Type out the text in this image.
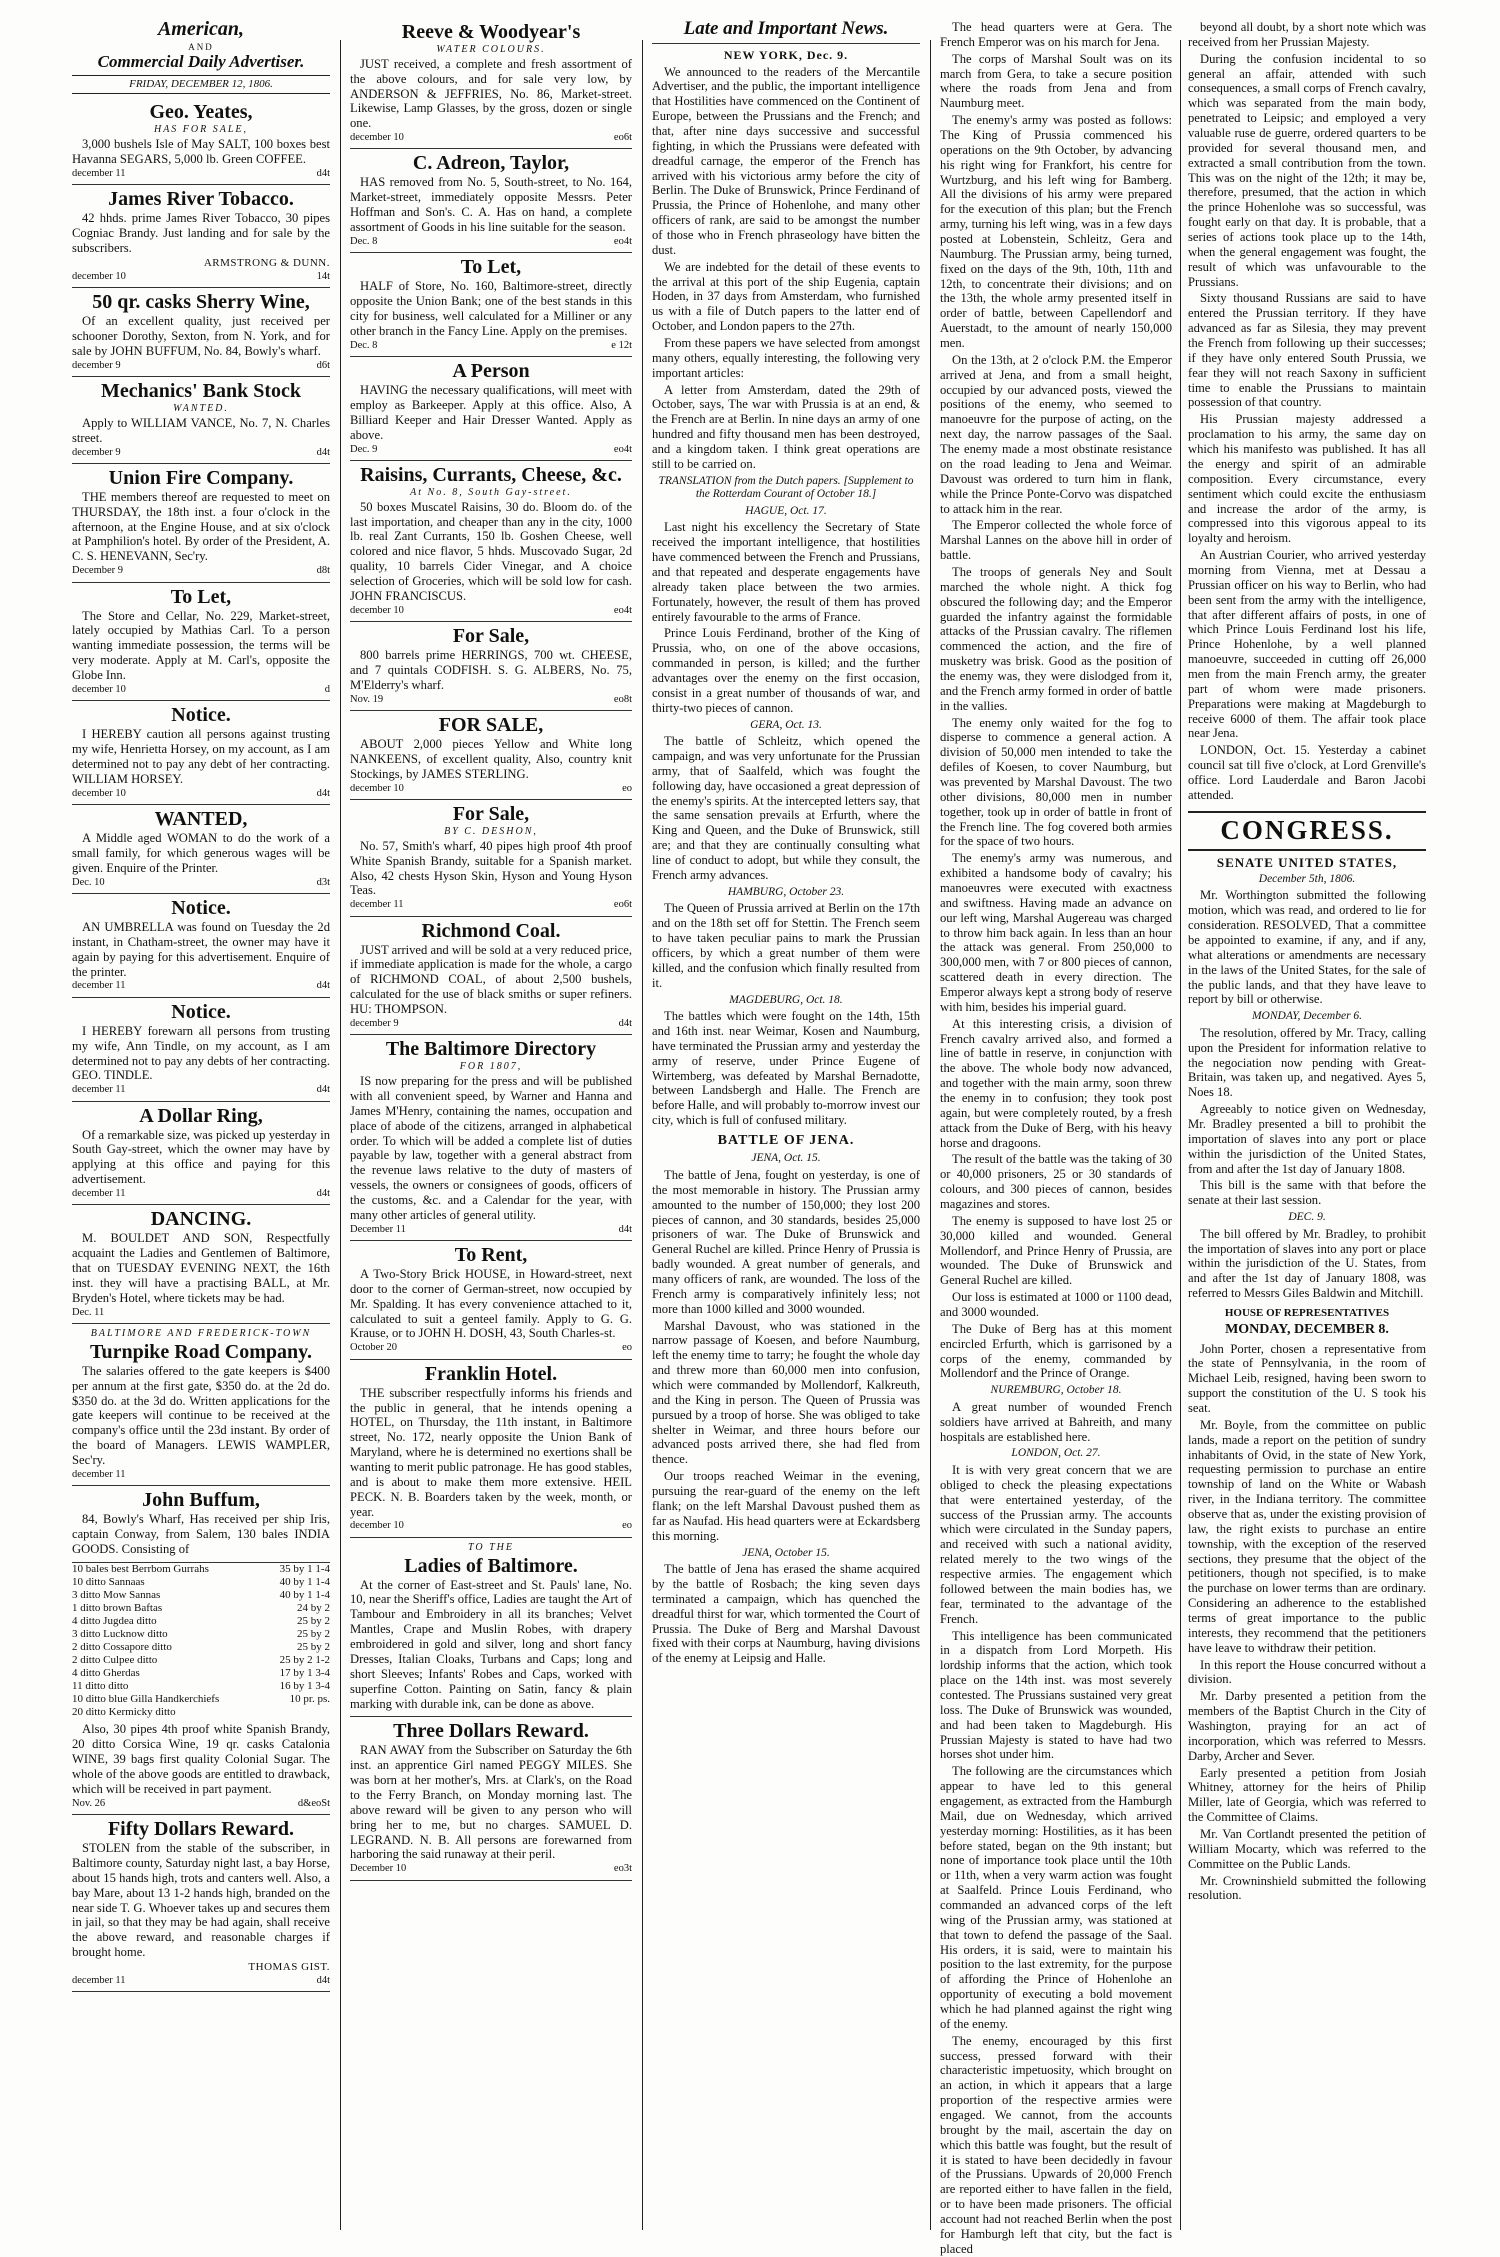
American,
AND
Commercial Daily Advertiser.
FRIDAY, DECEMBER 12, 1806.
Geo. Yeates,
HAS FOR SALE,

3,000 bushels Isle of May SALT, 100 boxes best Havanna SEGARS, 5,000 lb. Green COFFEE.

december 11	d4t
James River Tobacco.

42 hhds. prime James River Tobacco, 30 pipes Cogniac Brandy. Just landing and for sale by the subscribers.

ARMSTRONG & DUNN.
december 10	14t
50 qr. casks Sherry Wine,

Of an excellent quality, just received per schooner Dorothy, Sexton, from N. York, and for sale by JOHN BUFFUM, No. 84, Bowly's wharf.

december 9	d6t
Mechanics' Bank Stock
WANTED.

Apply to WILLIAM VANCE, No. 7, N. Charles street.

december 9	d4t
Union Fire Company.

THE members thereof are requested to meet on THURSDAY, the 18th inst. a four o'clock in the afternoon, at the Engine House, and at six o'clock at Pamphilion's hotel. By order of the President, A. C. S. HENEVANN, Sec'ry.

December 9	d8t
To Let,

The Store and Cellar, No. 229, Market-street, lately occupied by Mathias Carl. To a person wanting immediate possession, the terms will be very moderate. Apply at M. Carl's, opposite the Globe Inn.

december 10	d
Notice.

I HEREBY caution all persons against trusting my wife, Henrietta Horsey, on my account, as I am determined not to pay any debt of her contracting. WILLIAM HORSEY.

december 10	d4t
WANTED,

A Middle aged WOMAN to do the work of a small family, for which generous wages will be given. Enquire of the Printer.

Dec. 10	d3t
Notice.

AN UMBRELLA was found on Tuesday the 2d instant, in Chatham-street, the owner may have it again by paying for this advertisement. Enquire of the printer.

december 11	d4t
Notice.

I HEREBY forewarn all persons from trusting my wife, Ann Tindle, on my account, as I am determined not to pay any debts of her contracting. GEO. TINDLE.

december 11	d4t
A Dollar Ring,

Of a remarkable size, was picked up yesterday in South Gay-street, which the owner may have by applying at this office and paying for this advertisement.

december 11	d4t
DANCING.

M. BOULDET AND SON, Respectfully acquaint the Ladies and Gentlemen of Baltimore, that on TUESDAY EVENING NEXT, the 16th inst. they will have a practising BALL, at Mr. Bryden's Hotel, where tickets may be had.

Dec. 11
BALTIMORE AND FREDERICK-TOWN
Turnpike Road Company.

The salaries offered to the gate keepers is $400 per annum at the first gate, $350 do. at the 2d do. $350 do. at the 3d do. Written applications for the gate keepers will continue to be received at the company's office until the 23d instant. By order of the board of Managers. LEWIS WAMPLER, Sec'ry.

december 11
John Buffum,

84, Bowly's Wharf, Has received per ship Iris, captain Conway, from Salem, 130 bales INDIA GOODS. Consisting of

10 bales best Berrbom Gurrahs	35 by 1 1-4
10 ditto Sannaas	40 by 1 1-4
3 ditto Mow Sannas	40 by 1 1-4
1 ditto brown Baftas	24 by 2
4 ditto Jugdea ditto	25 by 2
3 ditto Lucknow ditto	25 by 2
2 ditto Cossapore ditto	25 by 2
2 ditto Culpee ditto	25 by 2 1-2
4 ditto Gherdas	17 by 1 3-4
11 ditto ditto	16 by 1 3-4
10 ditto blue Gilla Handkerchiefs	10 pr. ps.
20 ditto Kermicky ditto	

Also, 30 pipes 4th proof white Spanish Brandy, 20 ditto Corsica Wine, 19 qr. casks Catalonia WINE, 39 bags first quality Colonial Sugar. The whole of the above goods are entitled to drawback, which will be received in part payment.

Nov. 26	d&eoSt
Fifty Dollars Reward.

STOLEN from the stable of the subscriber, in Baltimore county, Saturday night last, a bay Horse, about 15 hands high, trots and canters well. Also, a bay Mare, about 13 1-2 hands high, branded on the near side T. G. Whoever takes up and secures them in jail, so that they may be had again, shall receive the above reward, and reasonable charges if brought home.

THOMAS GIST.
december 11	d4t
Reeve & Woodyear's
WATER COLOURS.

JUST received, a complete and fresh assortment of the above colours, and for sale very low, by ANDERSON & JEFFRIES, No. 86, Market-street. Likewise, Lamp Glasses, by the gross, dozen or single one.

december 10	eo6t
C. Adreon, Taylor,

HAS removed from No. 5, South-street, to No. 164, Market-street, immediately opposite Messrs. Peter Hoffman and Son's. C. A. Has on hand, a complete assortment of Goods in his line suitable for the season.

Dec. 8	eo4t
To Let,

HALF of Store, No. 160, Baltimore-street, directly opposite the Union Bank; one of the best stands in this city for business, well calculated for a Milliner or any other branch in the Fancy Line. Apply on the premises.

Dec. 8	e 12t
A Person

HAVING the necessary qualifications, will meet with employ as Barkeeper. Apply at this office. Also, A Billiard Keeper and Hair Dresser Wanted. Apply as above.

Dec. 9	eo4t
Raisins, Currants, Cheese, &c.
At No. 8, South Gay-street.

50 boxes Muscatel Raisins, 30 do. Bloom do. of the last importation, and cheaper than any in the city, 1000 lb. real Zant Currants, 150 lb. Goshen Cheese, well colored and nice flavor, 5 hhds. Muscovado Sugar, 2d quality, 10 barrels Cider Vinegar, and A choice selection of Groceries, which will be sold low for cash. JOHN FRANCISCUS.

december 10	eo4t
For Sale,

800 barrels prime HERRINGS, 700 wt. CHEESE, and 7 quintals CODFISH. S. G. ALBERS, No. 75, M'Elderry's wharf.

Nov. 19	eo8t
FOR SALE,

ABOUT 2,000 pieces Yellow and White long NANKEENS, of excellent quality, Also, country knit Stockings, by JAMES STERLING.

december 10	eo
For Sale,
BY C. DESHON,

No. 57, Smith's wharf, 40 pipes high proof 4th proof White Spanish Brandy, suitable for a Spanish market. Also, 42 chests Hyson Skin, Hyson and Young Hyson Teas.

december 11	eo6t
Richmond Coal.

JUST arrived and will be sold at a very reduced price, if immediate application is made for the whole, a cargo of RICHMOND COAL, of about 2,500 bushels, calculated for the use of black smiths or super refiners. HU: THOMPSON.

december 9	d4t
The Baltimore Directory
FOR 1807,

IS now preparing for the press and will be published with all convenient speed, by Warner and Hanna and James M'Henry, containing the names, occupation and place of abode of the citizens, arranged in alphabetical order. To which will be added a complete list of duties payable by law, together with a general abstract from the revenue laws relative to the duty of masters of vessels, the owners or consignees of goods, officers of the customs, &c. and a Calendar for the year, with many other articles of general utility.

December 11	d4t
To Rent,

A Two-Story Brick HOUSE, in Howard-street, next door to the corner of German-street, now occupied by Mr. Spalding. It has every convenience attached to it, calculated to suit a genteel family. Apply to G. G. Krause, or to JOHN H. DOSH, 43, South Charles-st.

October 20	eo
Franklin Hotel.

THE subscriber respectfully informs his friends and the public in general, that he intends opening a HOTEL, on Thursday, the 11th instant, in Baltimore street, No. 172, nearly opposite the Union Bank of Maryland, where he is determined no exertions shall be wanting to merit public patronage. He has good stables, and is about to make them more extensive. HEIL PECK. N. B. Boarders taken by the week, month, or year.

december 10	eo
TO THE
Ladies of Baltimore.

At the corner of East-street and St. Pauls' lane, No. 10, near the Sheriff's office, Ladies are taught the Art of Tambour and Embroidery in all its branches; Velvet Mantles, Crape and Muslin Robes, with drapery embroidered in gold and silver, long and short fancy Dresses, Italian Cloaks, Turbans and Caps; long and short Sleeves; Infants' Robes and Caps, worked with superfine Cotton. Painting on Satin, fancy & plain marking with durable ink, can be done as above.

Three Dollars Reward.

RAN AWAY from the Subscriber on Saturday the 6th inst. an apprentice Girl named PEGGY MILES. She was born at her mother's, Mrs. at Clark's, on the Road to the Ferry Branch, on Monday morning last. The above reward will be given to any person who will bring her to me, but no charges. SAMUEL D. LEGRAND. N. B. All persons are forewarned from harboring the said runaway at their peril.

December 10	eo3t
Late and Important News.
NEW YORK, Dec. 9.

We announced to the readers of the Mercantile Advertiser, and the public, the important intelligence that Hostilities have commenced on the Continent of Europe, between the Prussians and the French; and that, after nine days successive and successful fighting, in which the Prussians were defeated with dreadful carnage, the emperor of the French has arrived with his victorious army before the city of Berlin. The Duke of Brunswick, Prince Ferdinand of Prussia, the Prince of Hohenlohe, and many other officers of rank, are said to be amongst the number of those who in French phraseology have bitten the dust.

We are indebted for the detail of these events to the arrival at this port of the ship Eugenia, captain Hoden, in 37 days from Amsterdam, who furnished us with a file of Dutch papers to the latter end of October, and London papers to the 27th.

From these papers we have selected from amongst many others, equally interesting, the following very important articles:

A letter from Amsterdam, dated the 29th of October, says, The war with Prussia is at an end, & the French are at Berlin. In nine days an army of one hundred and fifty thousand men has been destroyed, and a kingdom taken. I think great operations are still to be carried on.

TRANSLATION from the Dutch papers. [Supplement to the Rotterdam Courant of October 18.]
HAGUE, Oct. 17.

Last night his excellency the Secretary of State received the important intelligence, that hostilities have commenced between the French and Prussians, and that repeated and desperate engagements have already taken place between the two armies. Fortunately, however, the result of them has proved entirely favourable to the arms of France.

Prince Louis Ferdinand, brother of the King of Prussia, who, on one of the above occasions, commanded in person, is killed; and the further advantages over the enemy on the first occasion, consist in a great number of thousands of war, and thirty-two pieces of cannon.

GERA, Oct. 13.

The battle of Schleitz, which opened the campaign, and was very unfortunate for the Prussian army, that of Saalfeld, which was fought the following day, have occasioned a great depression of the enemy's spirits. At the intercepted letters say, that the same sensation prevails at Erfurth, where the King and Queen, and the Duke of Brunswick, still are; and that they are continually consulting what line of conduct to adopt, but while they consult, the French army advances.

HAMBURG, October 23.

The Queen of Prussia arrived at Berlin on the 17th and on the 18th set off for Stettin. The French seem to have taken peculiar pains to mark the Prussian officers, by which a great number of them were killed, and the confusion which finally resulted from it.

MAGDEBURG, Oct. 18.

The battles which were fought on the 14th, 15th and 16th inst. near Weimar, Kosen and Naumburg, have terminated the Prussian army and yesterday the army of reserve, under Prince Eugene of Wirtemberg, was defeated by Marshal Bernadotte, between Landsbergh and Halle. The French are before Halle, and will probably to-morrow invest our city, which is full of confused military.

BATTLE OF JENA.
JENA, Oct. 15.

The battle of Jena, fought on yesterday, is one of the most memorable in history. The Prussian army amounted to the number of 150,000; they lost 200 pieces of cannon, and 30 standards, besides 25,000 prisoners of war. The Duke of Brunswick and General Ruchel are killed. Prince Henry of Prussia is badly wounded. A great number of generals, and many officers of rank, are wounded. The loss of the French army is comparatively infinitely less; not more than 1000 killed and 3000 wounded.

Marshal Davoust, who was stationed in the narrow passage of Koesen, and before Naumburg, left the enemy time to tarry; he fought the whole day and threw more than 60,000 men into confusion, which were commanded by Mollendorf, Kalkreuth, and the King in person. The Queen of Prussia was pursued by a troop of horse. She was obliged to take shelter in Weimar, and three hours before our advanced posts arrived there, she had fled from thence.

Our troops reached Weimar in the evening, pursuing the rear-guard of the enemy on the left flank; on the left Marshal Davoust pushed them as far as Naufad. His head quarters were at Eckardsberg this morning.

JENA, October 15.

The battle of Jena has erased the shame acquired by the battle of Rosbach; the king seven days terminated a campaign, which has quenched the dreadful thirst for war, which tormented the Court of Prussia. The Duke of Berg and Marshal Davoust fixed with their corps at Naumburg, having divisions of the enemy at Leipsig and Halle.

The head quarters were at Gera. The French Emperor was on his march for Jena.

The corps of Marshal Soult was on its march from Gera, to take a secure position where the roads from Jena and from Naumburg meet.

The enemy's army was posted as follows: The King of Prussia commenced his operations on the 9th October, by advancing his right wing for Frankfort, his centre for Wurtzburg, and his left wing for Bamberg. All the divisions of his army were prepared for the execution of this plan; but the French army, turning his left wing, was in a few days posted at Lobenstein, Schleitz, Gera and Naumburg. The Prussian army, being turned, fixed on the days of the 9th, 10th, 11th and 12th, to concentrate their divisions; and on the 13th, the whole army presented itself in order of battle, between Capellendorf and Auerstadt, to the amount of nearly 150,000 men.

On the 13th, at 2 o'clock P.M. the Emperor arrived at Jena, and from a small height, occupied by our advanced posts, viewed the positions of the enemy, who seemed to manoeuvre for the purpose of acting, on the next day, the narrow passages of the Saal. The enemy made a most obstinate resistance on the road leading to Jena and Weimar. Davoust was ordered to turn him in flank, while the Prince Ponte-Corvo was dispatched to attack him in the rear.

The Emperor collected the whole force of Marshal Lannes on the above hill in order of battle.

The troops of generals Ney and Soult marched the whole night. A thick fog obscured the following day; and the Emperor guarded the infantry against the formidable attacks of the Prussian cavalry. The riflemen commenced the action, and the fire of musketry was brisk. Good as the position of the enemy was, they were dislodged from it, and the French army formed in order of battle in the vallies.

The enemy only waited for the fog to disperse to commence a general action. A division of 50,000 men intended to take the defiles of Koesen, to cover Naumburg, but was prevented by Marshal Davoust. The two other divisions, 80,000 men in number together, took up in order of battle in front of the French line. The fog covered both armies for the space of two hours.

The enemy's army was numerous, and exhibited a handsome body of cavalry; his manoeuvres were executed with exactness and swiftness. Having made an advance on our left wing, Marshal Augereau was charged to throw him back again. In less than an hour the attack was general. From 250,000 to 300,000 men, with 7 or 800 pieces of cannon, scattered death in every direction. The Emperor always kept a strong body of reserve with him, besides his imperial guard.

At this interesting crisis, a division of French cavalry arrived also, and formed a line of battle in reserve, in conjunction with the above. The whole body now advanced, and together with the main army, soon threw the enemy in to confusion; they took post again, but were completely routed, by a fresh attack from the Duke of Berg, with his heavy horse and dragoons.

The result of the battle was the taking of 30 or 40,000 prisoners, 25 or 30 standards of colours, and 300 pieces of cannon, besides magazines and stores.

The enemy is supposed to have lost 25 or 30,000 killed and wounded. General Mollendorf, and Prince Henry of Prussia, are wounded. The Duke of Brunswick and General Ruchel are killed.

Our loss is estimated at 1000 or 1100 dead, and 3000 wounded.

The Duke of Berg has at this moment encircled Erfurth, which is garrisoned by a corps of the enemy, commanded by Mollendorf and the Prince of Orange.

NUREMBURG, October 18.

A great number of wounded French soldiers have arrived at Bahreith, and many hospitals are established here.

LONDON, Oct. 27.

It is with very great concern that we are obliged to check the pleasing expectations that were entertained yesterday, of the success of the Prussian army. The accounts which were circulated in the Sunday papers, and received with such a national avidity, related merely to the two wings of the respective armies. The engagement which followed between the main bodies has, we fear, terminated to the advantage of the French.

This intelligence has been communicated in a dispatch from Lord Morpeth. His lordship informs that the action, which took place on the 14th inst. was most severely contested. The Prussians sustained very great loss. The Duke of Brunswick was wounded, and had been taken to Magdeburgh. His Prussian Majesty is stated to have had two horses shot under him.

The following are the circumstances which appear to have led to this general engagement, as extracted from the Hamburgh Mail, due on Wednesday, which arrived yesterday morning: Hostilities, as it has been before stated, began on the 9th instant; but none of importance took place until the 10th or 11th, when a very warm action was fought at Saalfeld. Prince Louis Ferdinand, who commanded an advanced corps of the left wing of the Prussian army, was stationed at that town to defend the passage of the Saal. His orders, it is said, were to maintain his position to the last extremity, for the purpose of affording the Prince of Hohenlohe an opportunity of executing a bold movement which he had planned against the right wing of the enemy.

The enemy, encouraged by this first success, pressed forward with their characteristic impetuosity, which brought on an action, in which it appears that a large proportion of the respective armies were engaged. We cannot, from the accounts brought by the mail, ascertain the day on which this battle was fought, but the result of it is stated to have been decidedly in favour of the Prussians. Upwards of 20,000 French are reported either to have fallen in the field, or to have been made prisoners. The official account had not reached Berlin when the post for Hamburgh left that city, but the fact is placed

beyond all doubt, by a short note which was received from her Prussian Majesty.

During the confusion incidental to so general an affair, attended with such consequences, a small corps of French cavalry, which was separated from the main body, penetrated to Leipsic; and employed a very valuable ruse de guerre, ordered quarters to be provided for several thousand men, and extracted a small contribution from the town. This was on the night of the 12th; it may be, therefore, presumed, that the action in which the prince Hohenlohe was so successful, was fought early on that day. It is probable, that a series of actions took place up to the 14th, when the general engagement was fought, the result of which was unfavourable to the Prussians.

Sixty thousand Russians are said to have entered the Prussian territory. If they have advanced as far as Silesia, they may prevent the French from following up their successes; if they have only entered South Prussia, we fear they will not reach Saxony in sufficient time to enable the Prussians to maintain possession of that country.

His Prussian majesty addressed a proclamation to his army, the same day on which his manifesto was published. It has all the energy and spirit of an admirable composition. Every circumstance, every sentiment which could excite the enthusiasm and increase the ardor of the army, is compressed into this vigorous appeal to its loyalty and heroism.

An Austrian Courier, who arrived yesterday morning from Vienna, met at Dessau a Prussian officer on his way to Berlin, who had been sent from the army with the intelligence, that after different affairs of posts, in one of which Prince Louis Ferdinand lost his life, Prince Hohenlohe, by a well planned manoeuvre, succeeded in cutting off 26,000 men from the main French army, the greater part of whom were made prisoners. Preparations were making at Magdeburgh to receive 6000 of them. The affair took place near Jena.

LONDON, Oct. 15. Yesterday a cabinet council sat till five o'clock, at Lord Grenville's office. Lord Lauderdale and Baron Jacobi attended.

CONGRESS.
SENATE UNITED STATES,
December 5th, 1806.

Mr. Worthington submitted the following motion, which was read, and ordered to lie for consideration. RESOLVED, That a committee be appointed to examine, if any, and if any, what alterations or amendments are necessary in the laws of the United States, for the sale of the public lands, and that they have leave to report by bill or otherwise.

MONDAY, December 6.

The resolution, offered by Mr. Tracy, calling upon the President for information relative to the negociation now pending with Great-Britain, was taken up, and negatived. Ayes 5, Noes 18.

Agreeably to notice given on Wednesday, Mr. Bradley presented a bill to prohibit the importation of slaves into any port or place within the jurisdiction of the United States, from and after the 1st day of January 1808.

This bill is the same with that before the senate at their last session.

DEC. 9.

The bill offered by Mr. Bradley, to prohibit the importation of slaves into any port or place within the jurisdiction of the U. States, from and after the 1st day of January 1808, was referred to Messrs Giles Baldwin and Mitchill.

HOUSE OF REPRESENTATIVES
MONDAY, DECEMBER 8.

John Porter, chosen a representative from the state of Pennsylvania, in the room of Michael Leib, resigned, having been sworn to support the constitution of the U. S took his seat.

Mr. Boyle, from the committee on public lands, made a report on the petition of sundry inhabitants of Ovid, in the state of New York, requesting permission to purchase an entire township of land on the White or Wabash river, in the Indiana territory. The committee observe that as, under the existing provision of law, the right exists to purchase an entire township, with the exception of the reserved sections, they presume that the object of the petitioners, though not specified, is to make the purchase on lower terms than are ordinary. Considering an adherence to the established terms of great importance to the public interests, they recommend that the petitioners have leave to withdraw their petition.

In this report the House concurred without a division.

Mr. Darby presented a petition from the members of the Baptist Church in the City of Washington, praying for an act of incorporation, which was referred to Messrs. Darby, Archer and Sever.

Early presented a petition from Josiah Whitney, attorney for the heirs of Philip Miller, late of Georgia, which was referred to the Committee of Claims.

Mr. Van Cortlandt presented the petition of William Mocarty, which was referred to the Committee on the Public Lands.

Mr. Crowninshield submitted the following resolution.
